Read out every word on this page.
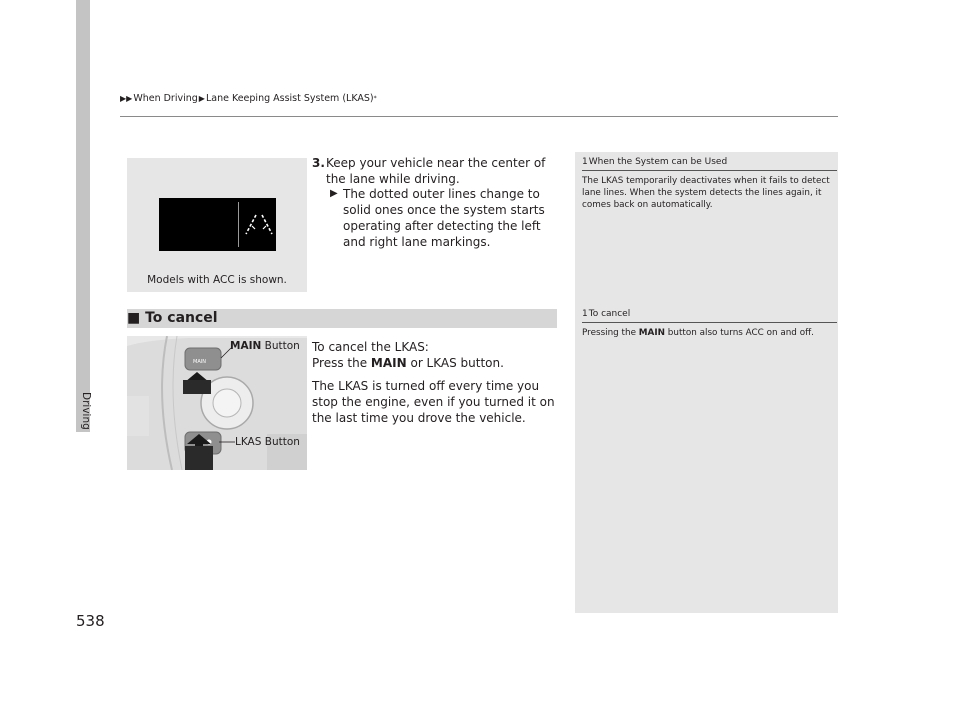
▶▶ When Driving ▶ Lane Keeping Assist System (LKAS) *
Driving
538
Models with ACC is shown.
3. Keep your vehicle near the center of the lane while driving.
▶ The dotted outer lines change to solid ones once the system starts operating after detecting the left and right lane markings.
1When the System can be Used
The LKAS temporarily deactivates when it fails to detect lane lines. When the system detects the lines again, it comes back on automatically.
1To cancel
Pressing the MAIN button also turns ACC on and off.
■ To cancel
To cancel the LKAS:
Press the MAIN or LKAS button.
The LKAS is turned off every time you stop the engine, even if you turned it on the last time you drove the vehicle.
MAIN
MAIN Button
LKAS Button
